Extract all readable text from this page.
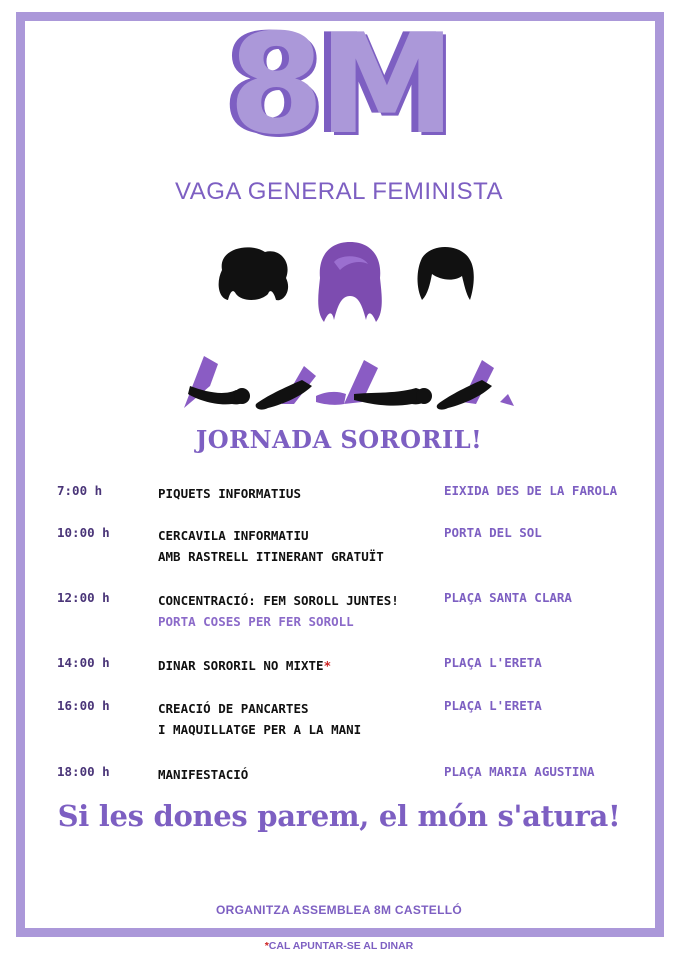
8M
VAGA GENERAL FEMINISTA
JORNADA SORORIL!
7:00 h	PIQUETS INFORMATIUS	EIXIDA DES DE LA FAROLA
10:00 h	CERCAVILA INFORMATIU
AMB RASTRELL ITINERANT GRATUÏT
PORTA DEL SOL
12:00 h	CONCENTRACIÓ: FEM SOROLL JUNTES!
PORTA COSES PER FER SOROLL
PLAÇA SANTA CLARA
14:00 h	DINAR SORORIL NO MIXTE*	PLAÇA L'ERETA
16:00 h	CREACIÓ DE PANCARTES
I MAQUILLATGE PER A LA MANI
PLAÇA L'ERETA
18:00 h	MANIFESTACIÓ	PLAÇA MARIA AGUSTINA
Si les dones parem, el món s'atura!
ORGANITZA ASSEMBLEA 8M CASTELLÓ
*CAL APUNTAR-SE AL DINAR
